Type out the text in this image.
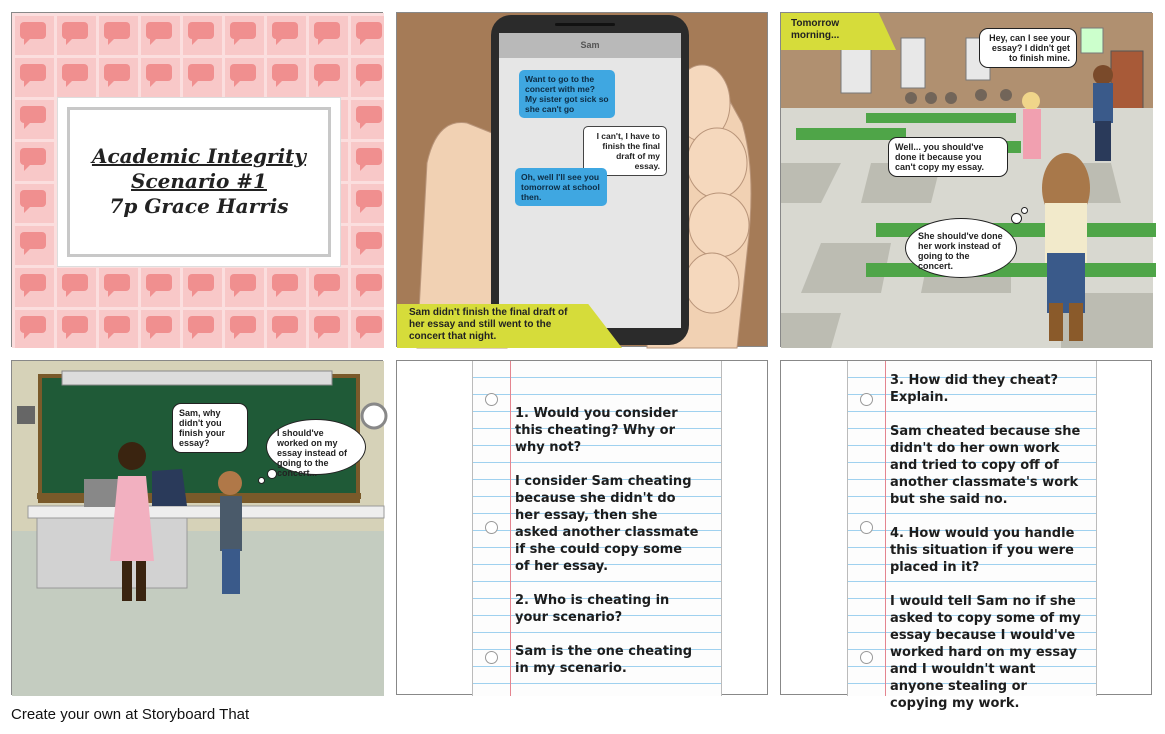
Academic Integrity
Scenario #1
7p Grace Harris
Sam
Want to go to the concert with me? My sister got sick so she can't go
I can't, I have to finish the final draft of my essay.
Oh, well I'll see you tomorrow at school then.
Sam didn't finish the final draft of her essay and still went to the concert that night.
Tomorrow morning...	Hey, can I see your essay? I didn't get to finish mine.
Well... you should've done it because you can't copy my essay.
She should've done her work instead of going to the concert.
Sam, why didn't you finish your essay?
I should've worked on my essay instead of going to the concert...
1. Would you consider this cheating? Why or why not?

I consider Sam cheating because she didn't do her essay, then she asked another classmate if she could copy some of her essay.

2. Who is cheating in your scenario?

Sam is the one cheating in my scenario.
3. How did they cheat? Explain.

Sam cheated because she didn't do her own work and tried to copy off of another classmate's work but she said no.

4. How would you handle this situation if you were placed in it?

I would tell Sam no if she asked to copy some of my essay because I would've worked hard on my essay and I wouldn't want anyone stealing or copying my work.
Create your own at Storyboard That
